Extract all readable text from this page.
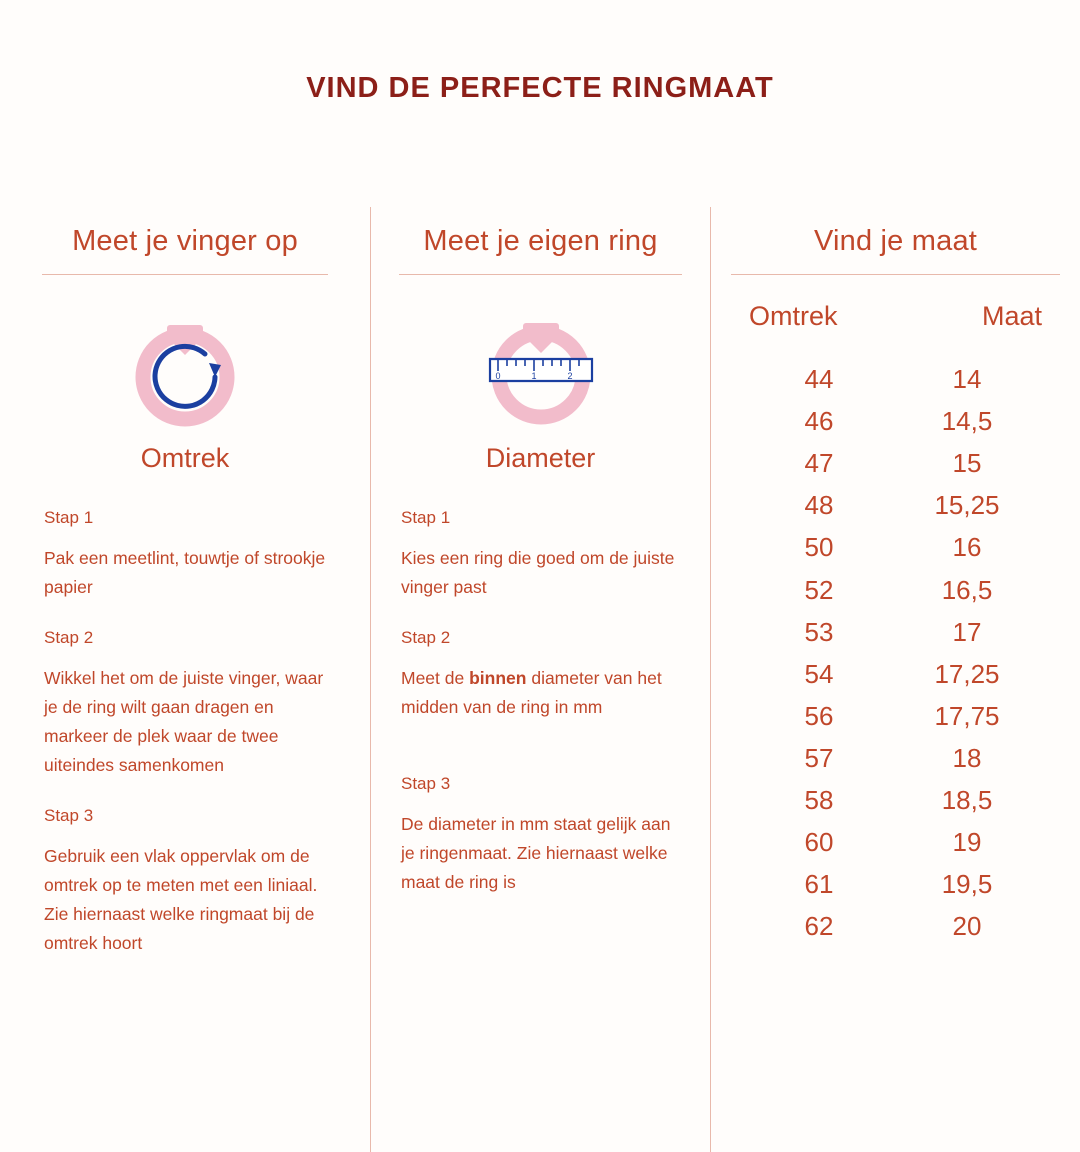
VIND DE PERFECTE RINGMAAT
Meet je vinger op
Omtrek
Stap 1
Pak een meetlint, touwtje of strookje papier
Stap 2
Wikkel het om de juiste vinger, waar je de ring wilt gaan dragen en markeer de plek waar de twee uiteindes samenkomen
Stap 3
Gebruik een vlak oppervlak om de omtrek op te meten met een liniaal. Zie hiernaast welke ringmaat bij de omtrek hoort
Meet je eigen ring
0	1	2
Diameter
Stap 1
Kies een ring die goed om de juiste vinger past
Stap 2
Meet de binnen diameter van het midden van de ring in mm
Stap 3
De diameter in mm staat gelijk aan je ringenmaat. Zie hiernaast welke maat de ring is
Vind je maat
Omtrek	Maat
44	14
46	14,5
47	15
48	15,25
50	16
52	16,5
53	17
54	17,25
56	17,75
57	18
58	18,5
60	19
61	19,5
62	20
